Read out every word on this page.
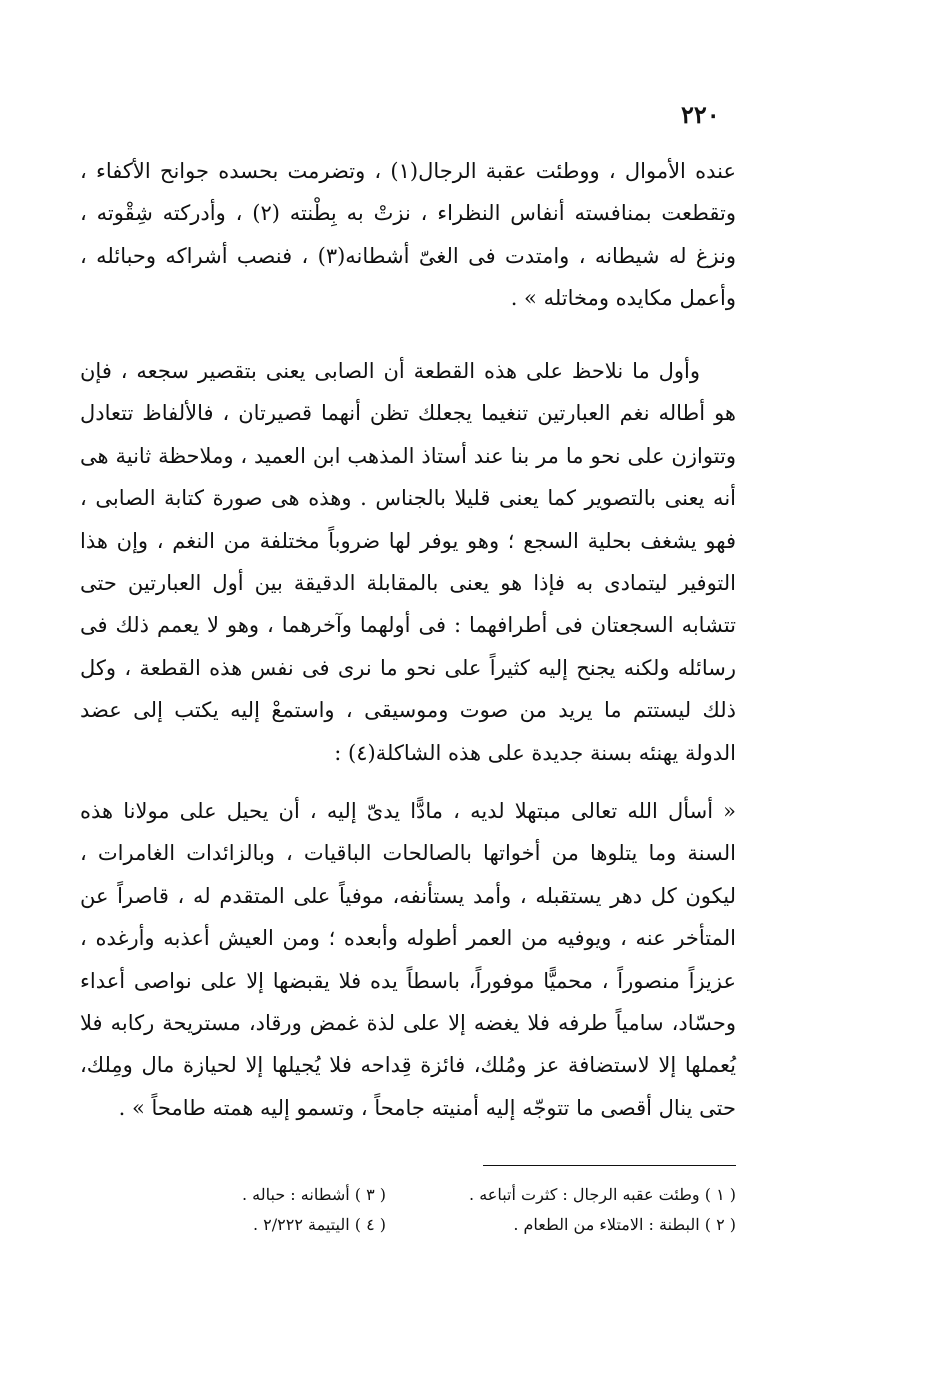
٢٢٠

عنده الأموال ، ووطئت عقبة الرجال(١) ، وتضرمت بحسده جوانح الأكفاء ، وتقطعت بمنافسته أنفاس النظراء ، نزتْ به بِطْنته (٢) ، وأدركته شِقْوته ، ونزغ له شيطانه ، وامتدت فى الغىّ أشطانه(٣) ، فنصب أشراكه وحبائله ، وأعمل مكايده ومخاتله » .

وأول ما نلاحظ على هذه القطعة أن الصابى يعنى بتقصير سجعه ، فإن هو أطاله نغم العبارتين تنغيما يجعلك تظن أنهما قصيرتان ، فالألفاظ تتعادل وتتوازن على نحو ما مر بنا عند أستاذ المذهب ابن العميد ، وملاحظة ثانية هى أنه يعنى بالتصوير كما يعنى قليلا بالجناس . وهذه هى صورة كتابة الصابى ، فهو يشغف بحلية السجع ؛ وهو يوفر لها ضروباً مختلفة من النغم ، وإن هذا التوفير ليتمادى به فإذا هو يعنى بالمقابلة الدقيقة بين أول العبارتين حتى تتشابه السجعتان فى أطرافهما : فى أولهما وآخرهما ، وهو لا يعمم ذلك فى رسائله ولكنه يجنح إليه كثيراً على نحو ما نرى فى نفس هذه القطعة ، وكل ذلك ليستتم ما يريد من صوت وموسيقى ، واستمعْ إليه يكتب إلى عضد الدولة يهنئه بسنة جديدة على هذه الشاكلة(٤) :

« أسأل الله تعالى مبتهلا لديه ، مادًّا يدىّ إليه ، أن يحيل على مولانا هذه السنة وما يتلوها من أخواتها بالصالحات الباقيات ، وبالزائدات الغامرات ، ليكون كل دهر يستقبله ، وأمد يستأنفه، موفياً على المتقدم له ، قاصراً عن المتأخر عنه ، ويوفيه من العمر أطوله وأبعده ؛ ومن العيش أعذبه وأرغده ، عزيزاً منصوراً ، محميًّا موفوراً، باسطاً يده فلا يقبضها إلا على نواصى أعداء وحسّاد، سامياً طرفه فلا يغضه إلا على لذة غمض ورقاد، مستريحة ركابه فلا يُعملها إلا لاستضافة عز ومُلك، فائزة قِداحه فلا يُجيلها إلا لحيازة مال ومِلك، حتى ينال أقصى ما تتوجّه إليه أمنيته جامحاً ، وتسمو إليه همته طامحاً » .

( ١ ) وطئت عقبه الرجال : كثرت أتباعه .
( ٢ ) البطنة : الامتلاء من الطعام .
( ٣ ) أشطانه : حباله .
( ٤ ) اليتيمة ٢/٢٢٢ .
